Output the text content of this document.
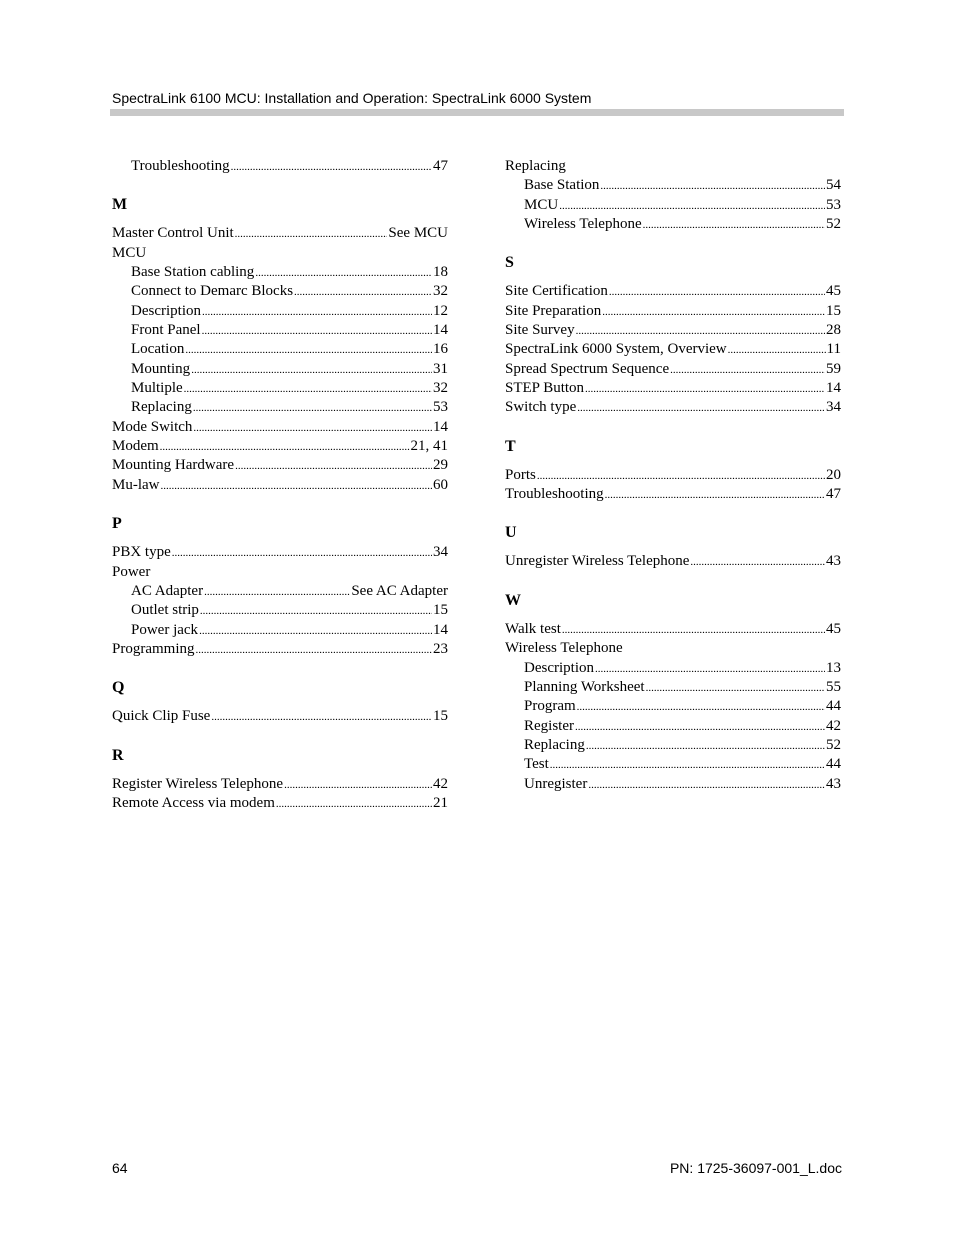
SpectraLink 6100 MCU: Installation and Operation: SpectraLink 6000 System
Troubleshooting .....	47
M
Master Control Unit .....	See MCU
MCU
Base Station cabling .....	18
Connect to Demarc Blocks .....	32
Description .....	12
Front Panel .....	14
Location .....	16
Mounting .....	31
Multiple .....	32
Replacing .....	53
Mode Switch .....	14
Modem .....	21, 41
Mounting Hardware .....	29
Mu-law .....	60
P
PBX type .....	34
Power
AC Adapter .....	See AC Adapter
Outlet strip .....	15
Power jack .....	14
Programming .....	23
Q
Quick Clip Fuse .....	15
R
Register Wireless Telephone .....	42
Remote Access via modem .....	21
Replacing
Base Station .....	54
MCU .....	53
Wireless Telephone .....	52
S
Site Certification .....	45
Site Preparation .....	15
Site Survey .....	28
SpectraLink 6000 System, Overview .....	11
Spread Spectrum Sequence .....	59
STEP Button .....	14
Switch type .....	34
T
Ports .....	20
Troubleshooting .....	47
U
Unregister Wireless Telephone .....	43
W
Walk test .....	45
Wireless Telephone
Description .....	13
Planning Worksheet .....	55
Program .....	44
Register .....	42
Replacing .....	52
Test .....	44
Unregister .....	43
64	PN: 1725-36097-001_L.doc
